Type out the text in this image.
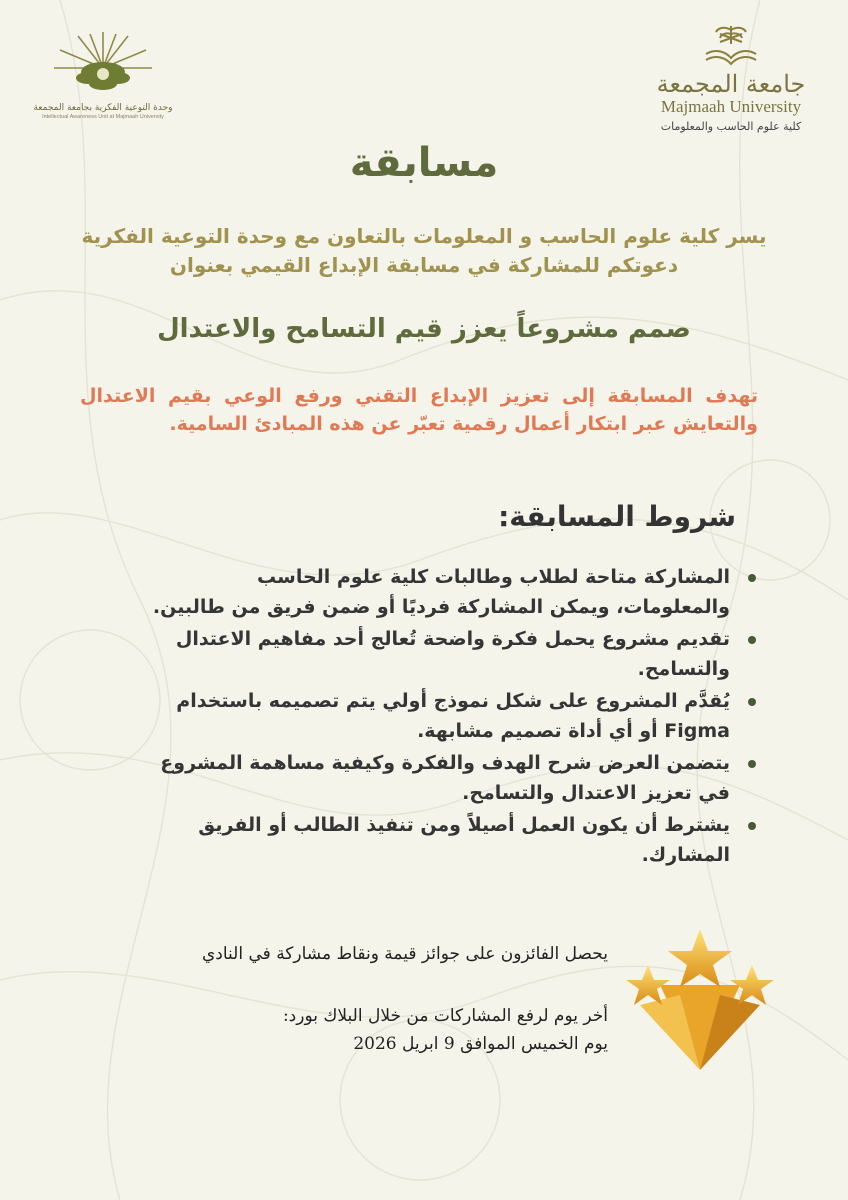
جامعة المجمعة
Majmaah University
كلية علوم الحاسب والمعلومات
وحدة التوعية الفكرية بجامعة المجمعة
Intellectual Awareness Unit at Majmaah University
مسابقة
يسر كلية علوم الحاسب و المعلومات بالتعاون مع وحدة التوعية الفكرية
دعوتكم للمشاركة في مسابقة الإبداع القيمي بعنوان
صمم مشروعاً يعزز قيم التسامح والاعتدال
تهدف المسابقة إلى تعزيز الإبداع التقني ورفع الوعي بقيم الاعتدال والتعايش عبر ابتكار أعمال رقمية تعبّر عن هذه المبادئ السامية.
شروط المسابقة:
المشاركة متاحة لطلاب وطالبات كلية علوم الحاسب والمعلومات، ويمكن المشاركة فرديًا أو ضمن فريق من طالبين.
تقديم مشروع يحمل فكرة واضحة تُعالج أحد مفاهيم الاعتدال والتسامح.
يُقدَّم المشروع على شكل نموذج أولي يتم تصميمه باستخدام Figma أو أي أداة تصميم مشابهة.
يتضمن العرض شرح الهدف والفكرة وكيفية مساهمة المشروع في تعزيز الاعتدال والتسامح.
يشترط أن يكون العمل أصيلاً ومن تنفيذ الطالب أو الفريق المشارك.
يحصل الفائزون على جوائز قيمة ونقاط مشاركة في النادي
أخر يوم لرفع المشاركات من خلال البلاك بورد:
يوم الخميس الموافق 9 ابريل 2026
